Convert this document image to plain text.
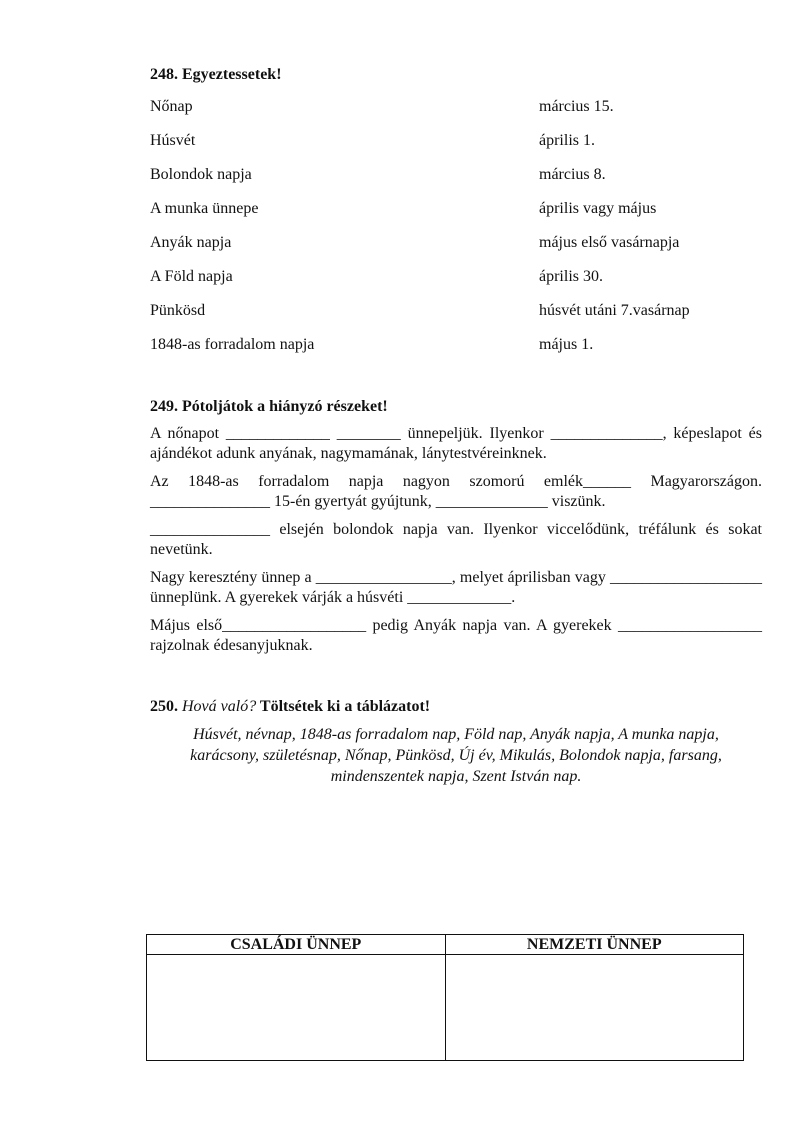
248. Egyeztessetek!
Nőnap	március 15.
Húsvét	április 1.
Bolondok napja	március 8.
A munka ünnepe	április vagy május
Anyák napja	május első vasárnapja
A Föld napja	április 30.
Pünkösd	húsvét utáni 7.vasárnap
1848-as forradalom napja	május 1.
249. Pótoljátok a hiányzó részeket!

A nőnapot _____________ ________ ünnepeljük. Ilyenkor ______________, képeslapot és ajándékot adunk anyának, nagymamának, lánytestvéreinknek.

Az 1848-as forradalom napja nagyon szomorú emlék______ Magyarországon. _______________ 15-én gyertyát gyújtunk, ______________ viszünk.

_______________ elsején bolondok napja van. Ilyenkor viccelődünk, tréfálunk és sokat nevetünk.

Nagy keresztény ünnep a _________________, melyet áprilisban vagy ___________________ ünneplünk. A gyerekek várják a húsvéti _____________.

Május első__________________ pedig Anyák napja van. A gyerekek __________________ rajzolnak édesanyjuknak.

250. Hová való? Töltsétek ki a táblázatot!

Húsvét, névnap, 1848-as forradalom nap, Föld nap, Anyák napja, A munka napja, karácsony, születésnap, Nőnap, Pünkösd, Új év, Mikulás, Bolondok napja, farsang, mindenszentek napja, Szent István nap.

CSALÁDI ÜNNEP	NEMZETI ÜNNEP
